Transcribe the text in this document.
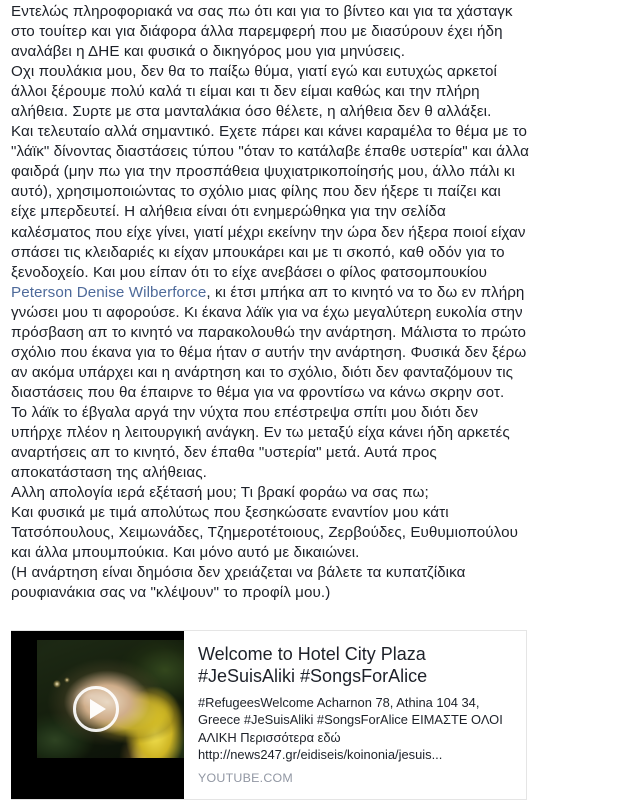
Εντελώς πληροφοριακά να σας πω ότι και για το βίντεο και για τα χάσταγκ στο τουίτερ και για διάφορα άλλα παρεμφερή που με διασύρουν έχει ήδη αναλάβει η ΔΗΕ και φυσικά ο δικηγόρος μου για μηνύσεις.

Οχι πουλάκια μου, δεν θα το παίξω θύμα, γιατί εγώ και ευτυχώς αρκετοί άλλοι ξέρουμε πολύ καλά τι είμαι και τι δεν είμαι καθώς και την πλήρη αλήθεια. Συρτε με στα μανταλάκια όσο θέλετε, η αλήθεια δεν θ αλλάξει.

Και τελευταίο αλλά σημαντικό. Εχετε πάρει και κάνει καραμέλα το θέμα με το "λάϊκ" δίνοντας διαστάσεις τύπου "όταν το κατάλαβε έπαθε υστερία" και άλλα φαιδρά (μην πω για την προσπάθεια ψυχιατρικοποίησής μου, άλλο πάλι κι αυτό), χρησιμοποιώντας το σχόλιο μιας φίλης που δεν ήξερε τι παίζει και είχε μπερδευτεί. Η αλήθεια είναι ότι ενημερώθηκα για την σελίδα καλέσματος που είχε γίνει, γιατί μέχρι εκείνην την ώρα δεν ήξερα ποιοί είχαν σπάσει τις κλειδαριές κι είχαν μπουκάρει και με τι σκοπό, καθ οδόν για το ξενοδοχείο. Και μου είπαν ότι το είχε ανεβάσει ο φίλος φατσομπουκίου Peterson Denise Wilberforce, κι έτσι μπήκα απ το κινητό να το δω εν πλήρη γνώσει μου τι αφορούσε. Κι έκανα λάϊκ για να έχω μεγαλύτερη ευκολία στην πρόσβαση απ το κινητό να παρακολουθώ την ανάρτηση. Μάλιστα το πρώτο σχόλιο που έκανα για το θέμα ήταν σ αυτήν την ανάρτηση. Φυσικά δεν ξέρω αν ακόμα υπάρχει και η ανάρτηση και το σχόλιο, διότι δεν φανταζόμουν τις διαστάσεις που θα έπαιρνε το θέμα για να φροντίσω να κάνω σκρην σοτ.

Το λάϊκ το έβγαλα αργά την νύχτα που επέστρεψα σπίτι μου διότι δεν υπήρχε πλέον η λειτουργική ανάγκη. Εν τω μεταξύ είχα κάνει ήδη αρκετές αναρτήσεις απ το κινητό, δεν έπαθα "υστερία" μετά. Αυτά προς αποκατάσταση της αλήθειας.

Αλλη απολογία ιερά εξέτασή μου; Τι βρακί φοράω να σας πω;

Και φυσικά με τιμά απολύτως που ξεσηκώσατε εναντίον μου κάτι Τατσόπουλους, Χειμωνάδες, Τζημεροτέτοιους, Ζερβούδες, Ευθυμιοπούλου και άλλα μπουμπούκια. Και μόνο αυτό με δικαιώνει.

(Η ανάρτηση είναι δημόσια δεν χρειάζεται να βάλετε τα κυπατζίδικα ρουφιανάκια σας να "κλέψουν" το προφίλ μου.)

Welcome to Hotel City Plaza #JeSuisAliki #SongsForAlice
#RefugeesWelcome Acharnon 78, Athina 104 34, Greece #JeSuisAliki #SongsForAlice ΕΙΜΑΣΤΕ ΟΛΟΙ ΑΛΙΚΗ Περισσότερα εδώ http://news247.gr/eidiseis/koinonia/jesuis...
YOUTUBE.COM
